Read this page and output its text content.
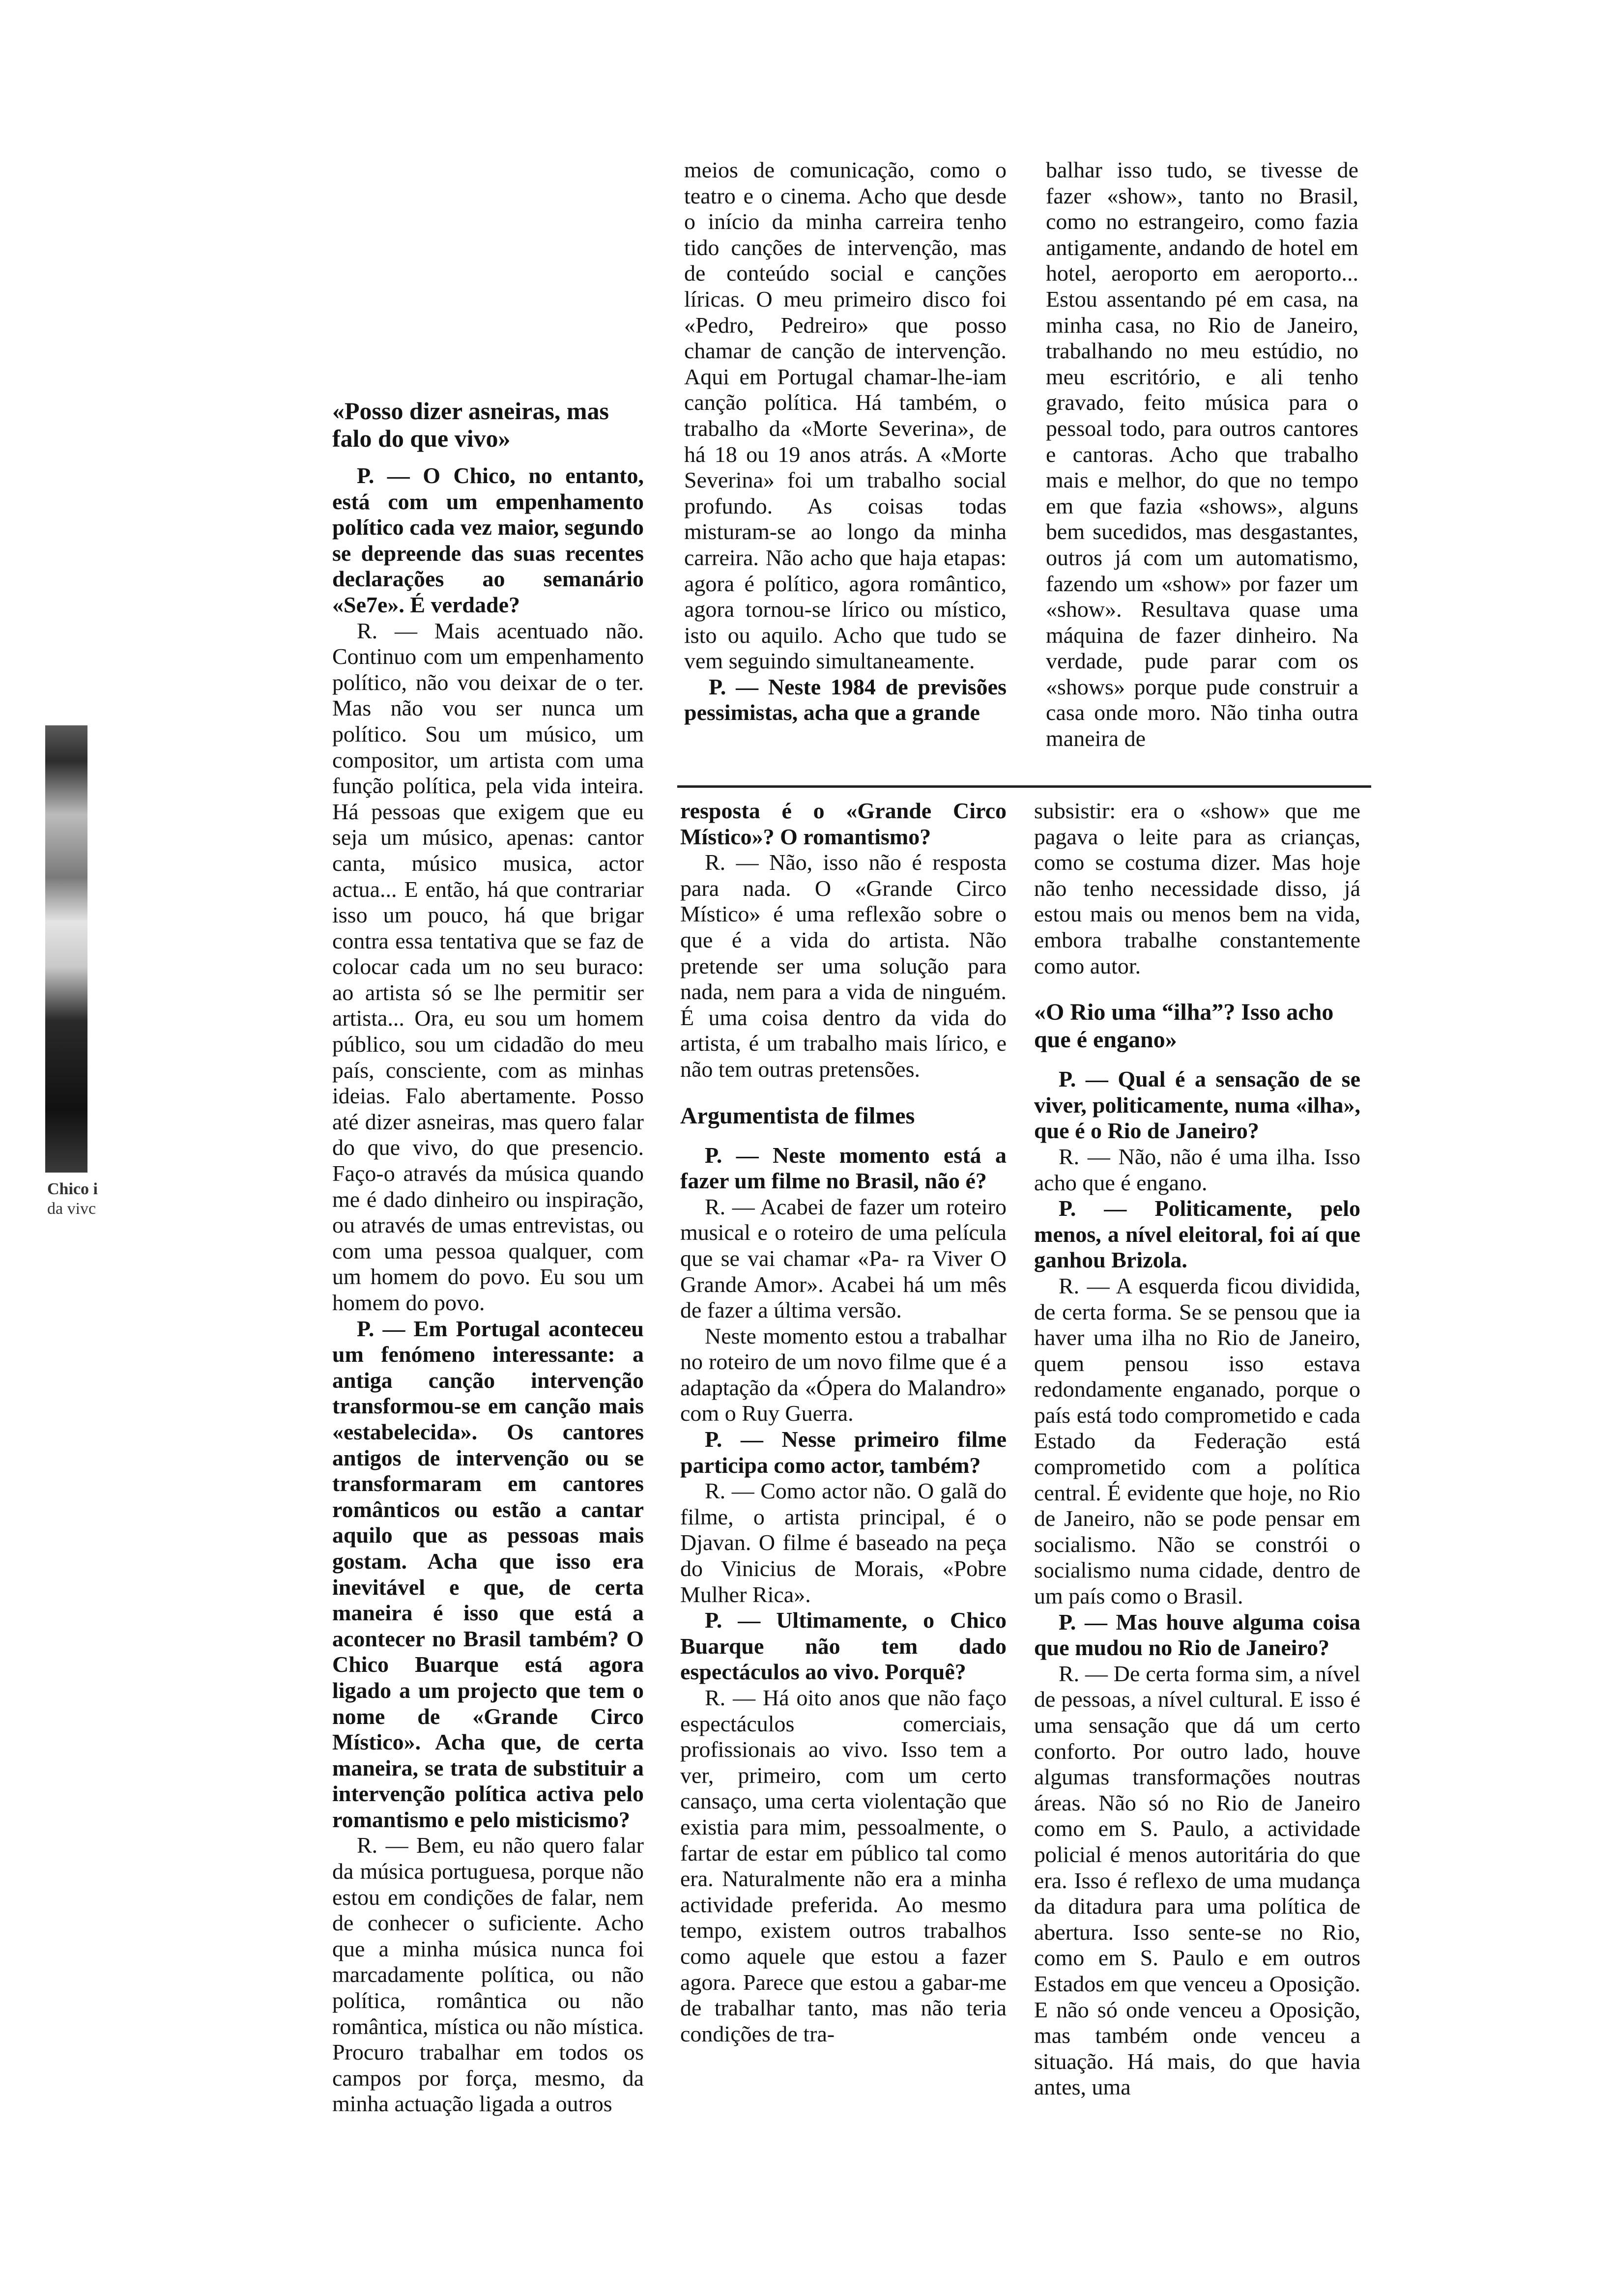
Chico i
da vivc
«Posso dizer asneiras, mas falo do que vivo»

P. — O Chico, no entanto, está com um empenhamento político cada vez maior, segundo se depreende das suas recentes declarações ao semanário «Se7e». É verdade?

R. — Mais acentuado não. Continuo com um empenhamento político, não vou deixar de o ter. Mas não vou ser nunca um político. Sou um músico, um compositor, um artista com uma função política, pela vida inteira. Há pessoas que exigem que eu seja um músico, apenas: cantor canta, músico musica, actor actua... E então, há que contrariar isso um pouco, há que brigar contra essa tentativa que se faz de colocar cada um no seu buraco: ao artista só se lhe permitir ser artista... Ora, eu sou um homem público, sou um cidadão do meu país, consciente, com as minhas ideias. Falo abertamente. Posso até dizer asneiras, mas quero falar do que vivo, do que presencio. Faço-o através da música quando me é dado dinheiro ou inspiração, ou através de umas entrevistas, ou com uma pessoa qualquer, com um homem do povo. Eu sou um homem do povo.

P. — Em Portugal aconteceu um fenómeno interessante: a antiga canção intervenção transformou-se em canção mais «estabelecida». Os cantores antigos de intervenção ou se transformaram em cantores românticos ou estão a cantar aquilo que as pessoas mais gostam. Acha que isso era inevitável e que, de certa maneira é isso que está a acontecer no Brasil também? O Chico Buarque está agora ligado a um projecto que tem o nome de «Grande Circo Místico». Acha que, de certa maneira, se trata de substituir a intervenção política activa pelo romantismo e pelo misticismo?

R. — Bem, eu não quero falar da música portuguesa, porque não estou em condições de falar, nem de conhecer o suficiente. Acho que a minha música nunca foi marcadamente política, ou não política, romântica ou não romântica, mística ou não mística. Procuro trabalhar em todos os campos por força, mesmo, da minha actuação ligada a outros

meios de comunicação, como o teatro e o cinema. Acho que desde o início da minha carreira tenho tido canções de intervenção, mas de conteúdo social e canções líricas. O meu primeiro disco foi «Pedro, Pedreiro» que posso chamar de canção de intervenção. Aqui em Portugal chamar-lhe-iam canção política. Há também, o trabalho da «Morte Severina», de há 18 ou 19 anos atrás. A «Morte Severina» foi um trabalho social profundo. As coisas todas misturam-se ao longo da minha carreira. Não acho que haja etapas: agora é político, agora romântico, agora tornou-se lírico ou místico, isto ou aquilo. Acho que tudo se vem seguindo simultaneamente.

P. — Neste 1984 de previsões pessimistas, acha que a grande

balhar isso tudo, se tivesse de fazer «show», tanto no Brasil, como no estrangeiro, como fazia antigamente, andando de hotel em hotel, aeroporto em aeroporto... Estou assentando pé em casa, na minha casa, no Rio de Janeiro, trabalhando no meu estúdio, no meu escritório, e ali tenho gravado, feito música para o pessoal todo, para outros cantores e cantoras. Acho que trabalho mais e melhor, do que no tempo em que fazia «shows», alguns bem sucedidos, mas desgastantes, outros já com um automatismo, fazendo um «show» por fazer um «show». Resultava quase uma máquina de fazer dinheiro. Na verdade, pude parar com os «shows» porque pude construir a casa onde moro. Não tinha outra maneira de

resposta é o «Grande Circo Místico»? O romantismo?

R. — Não, isso não é resposta para nada. O «Grande Circo Místico» é uma reflexão sobre o que é a vida do artista. Não pretende ser uma solução para nada, nem para a vida de ninguém. É uma coisa dentro da vida do artista, é um trabalho mais lírico, e não tem outras pretensões.

Argumentista de filmes

P. — Neste momento está a fazer um filme no Brasil, não é?

R. — Acabei de fazer um roteiro musical e o roteiro de uma película que se vai chamar «Pa- ra Viver O Grande Amor». Acabei há um mês de fazer a última versão.

Neste momento estou a trabalhar no roteiro de um novo filme que é a adaptação da «Ópera do Malandro» com o Ruy Guerra.

P. — Nesse primeiro filme participa como actor, também?

R. — Como actor não. O galã do filme, o artista principal, é o Djavan. O filme é baseado na peça do Vinicius de Morais, «Pobre Mulher Rica».

P. — Ultimamente, o Chico Buarque não tem dado espectáculos ao vivo. Porquê?

R. — Há oito anos que não faço espectáculos comerciais, profissionais ao vivo. Isso tem a ver, primeiro, com um certo cansaço, uma certa violentação que existia para mim, pessoalmente, o fartar de estar em público tal como era. Naturalmente não era a minha actividade preferida. Ao mesmo tempo, existem outros trabalhos como aquele que estou a fazer agora. Parece que estou a gabar-me de trabalhar tanto, mas não teria condições de tra-

subsistir: era o «show» que me pagava o leite para as crianças, como se costuma dizer. Mas hoje não tenho necessidade disso, já estou mais ou menos bem na vida, embora trabalhe constantemente como autor.

«O Rio uma “ilha”? Isso acho que é engano»

P. — Qual é a sensação de se viver, politicamente, numa «ilha», que é o Rio de Janeiro?

R. — Não, não é uma ilha. Isso acho que é engano.

P. — Politicamente, pelo menos, a nível eleitoral, foi aí que ganhou Brizola.

R. — A esquerda ficou dividida, de certa forma. Se se pensou que ia haver uma ilha no Rio de Janeiro, quem pensou isso estava redondamente enganado, porque o país está todo comprometido e cada Estado da Federação está comprometido com a política central. É evidente que hoje, no Rio de Janeiro, não se pode pensar em socialismo. Não se constrói o socialismo numa cidade, dentro de um país como o Brasil.

P. — Mas houve alguma coisa que mudou no Rio de Janeiro?

R. — De certa forma sim, a nível de pessoas, a nível cultural. E isso é uma sensação que dá um certo conforto. Por outro lado, houve algumas transformações noutras áreas. Não só no Rio de Janeiro como em S. Paulo, a actividade policial é menos autoritária do que era. Isso é reflexo de uma mudança da ditadura para uma política de abertura. Isso sente-se no Rio, como em S. Paulo e em outros Estados em que venceu a Oposição. E não só onde venceu a Oposição, mas também onde venceu a situação. Há mais, do que havia antes, uma
